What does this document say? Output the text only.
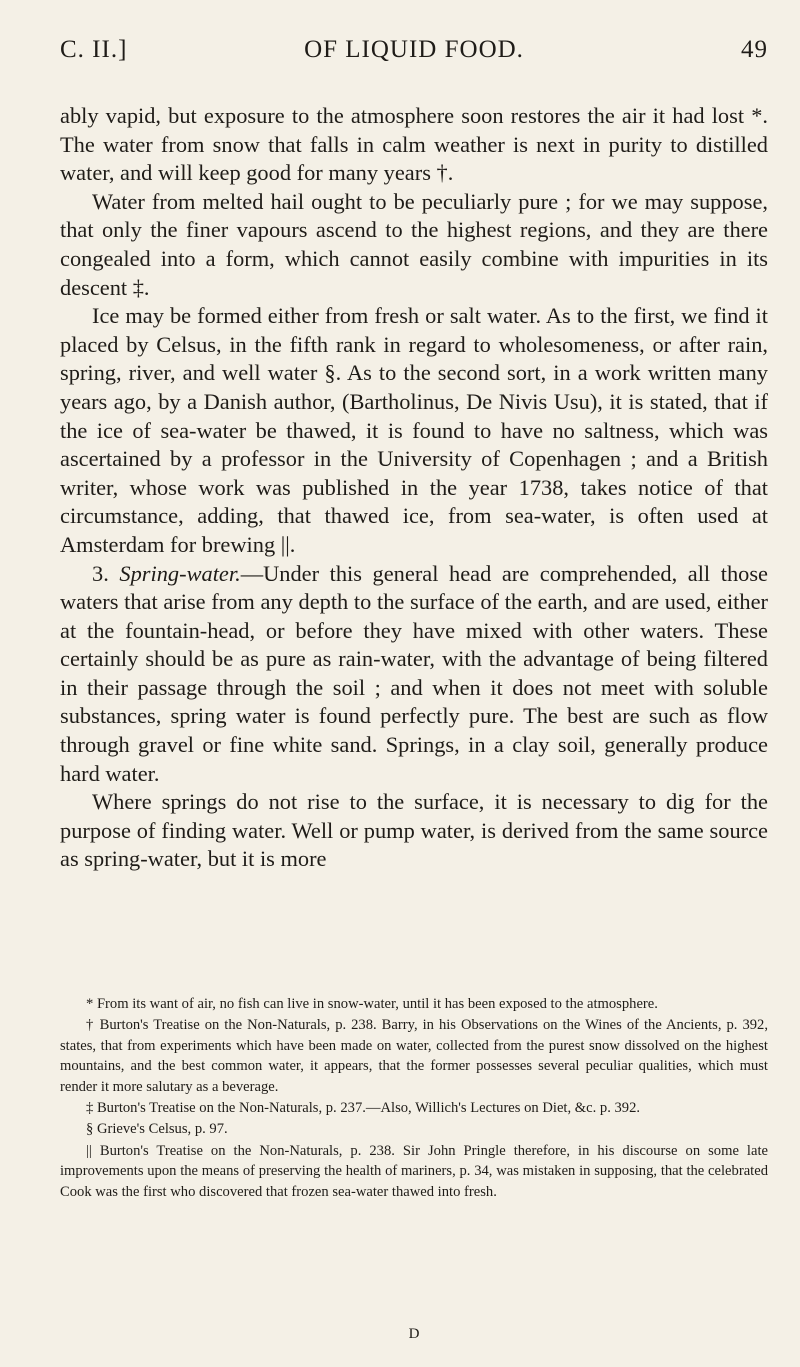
C. II.]	OF LIQUID FOOD.	49

ably vapid, but exposure to the atmosphere soon restores the air it had lost *. The water from snow that falls in calm weather is next in purity to distilled water, and will keep good for many years †.

Water from melted hail ought to be peculiarly pure ; for we may suppose, that only the finer vapours ascend to the highest regions, and they are there congealed into a form, which cannot easily combine with impurities in its descent ‡.

Ice may be formed either from fresh or salt water. As to the first, we find it placed by Celsus, in the fifth rank in regard to wholesomeness, or after rain, spring, river, and well water §. As to the second sort, in a work written many years ago, by a Danish author, (Bartholinus, De Nivis Usu), it is stated, that if the ice of sea-water be thawed, it is found to have no saltness, which was ascertained by a professor in the University of Copenhagen ; and a British writer, whose work was published in the year 1738, takes notice of that circumstance, adding, that thawed ice, from sea-water, is often used at Amsterdam for brewing ||.

3. Spring-water.—Under this general head are comprehended, all those waters that arise from any depth to the surface of the earth, and are used, either at the fountain-head, or before they have mixed with other waters. These certainly should be as pure as rain-water, with the advantage of being filtered in their passage through the soil ; and when it does not meet with soluble substances, spring water is found perfectly pure. The best are such as flow through gravel or fine white sand. Springs, in a clay soil, generally produce hard water.

Where springs do not rise to the surface, it is necessary to dig for the purpose of finding water. Well or pump water, is derived from the same source as spring-water, but it is more

* From its want of air, no fish can live in snow-water, until it has been exposed to the atmosphere.

† Burton's Treatise on the Non-Naturals, p. 238. Barry, in his Observations on the Wines of the Ancients, p. 392, states, that from experiments which have been made on water, collected from the purest snow dissolved on the highest mountains, and the best common water, it appears, that the former possesses several peculiar qualities, which must render it more salutary as a beverage.

‡ Burton's Treatise on the Non-Naturals, p. 237.—Also, Willich's Lectures on Diet, &c. p. 392.

§ Grieve's Celsus, p. 97.

|| Burton's Treatise on the Non-Naturals, p. 238. Sir John Pringle therefore, in his discourse on some late improvements upon the means of preserving the health of mariners, p. 34, was mistaken in supposing, that the celebrated Cook was the first who discovered that frozen sea-water thawed into fresh.

D
